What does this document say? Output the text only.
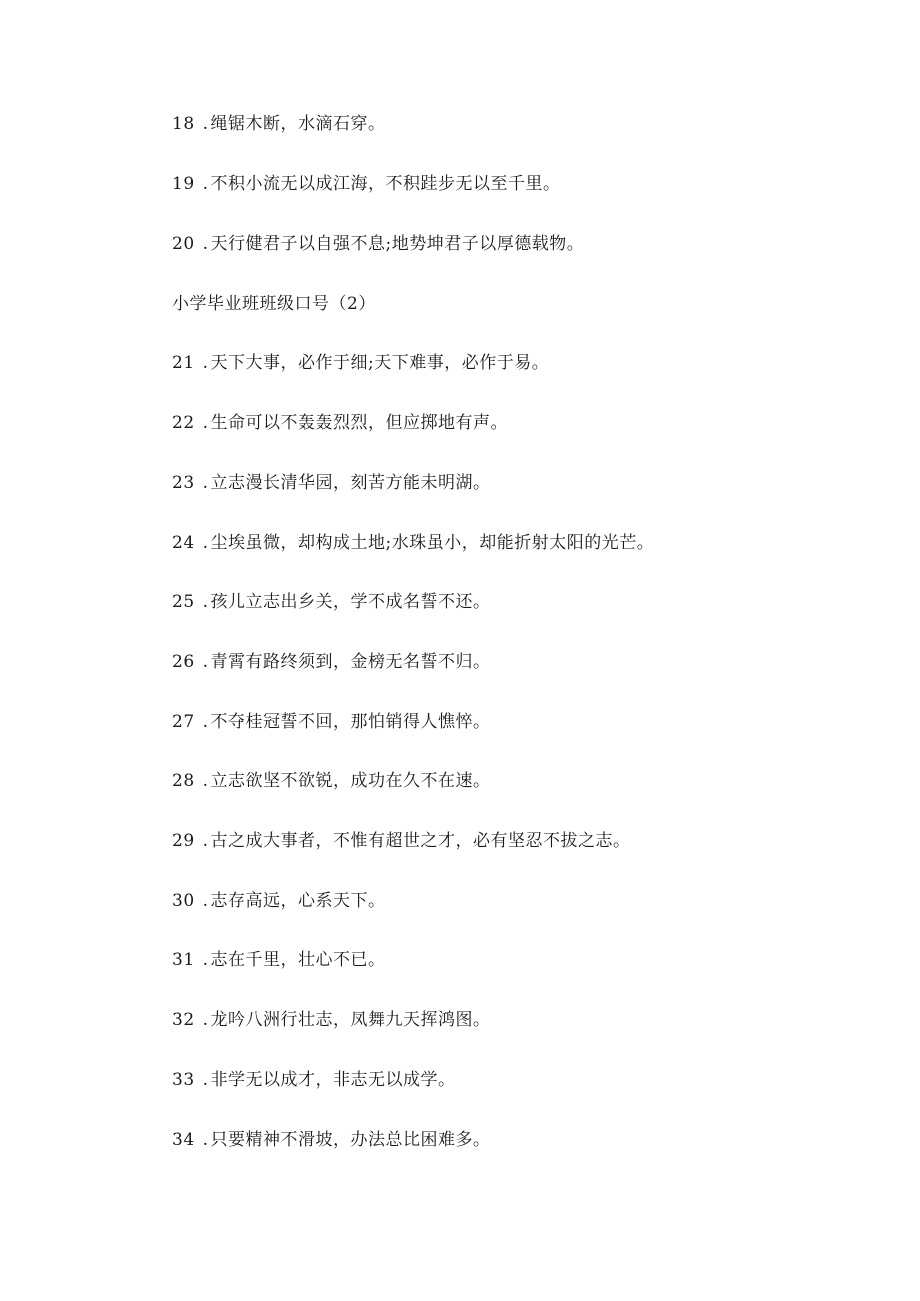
18 . 绳锯木断，水滴石穿。
19 . 不积小流无以成江海，不积跬步无以至千里。
20 . 天行健君子以自强不息;地势坤君子以厚德载物。
小学毕业班班级口号（2）
21 . 天下大事，必作于细;天下难事，必作于易。
22 . 生命可以不轰轰烈烈，但应掷地有声。
23 . 立志漫长清华园，刻苦方能未明湖。
24 . 尘埃虽微，却构成土地;水珠虽小，却能折射太阳的光芒。
25 . 孩儿立志出乡关，学不成名誓不还。
26 . 青霄有路终须到，金榜无名誓不归。
27 . 不夺桂冠誓不回，那怕销得人憔悴。
28 . 立志欲坚不欲锐，成功在久不在速。
29 . 古之成大事者，不惟有超世之才，必有坚忍不拔之志。
30 . 志存高远，心系天下。
31 . 志在千里，壮心不已。
32 . 龙吟八洲行壮志，凤舞九天挥鸿图。
33 . 非学无以成才，非志无以成学。
34 . 只要精神不滑坡，办法总比困难多。
